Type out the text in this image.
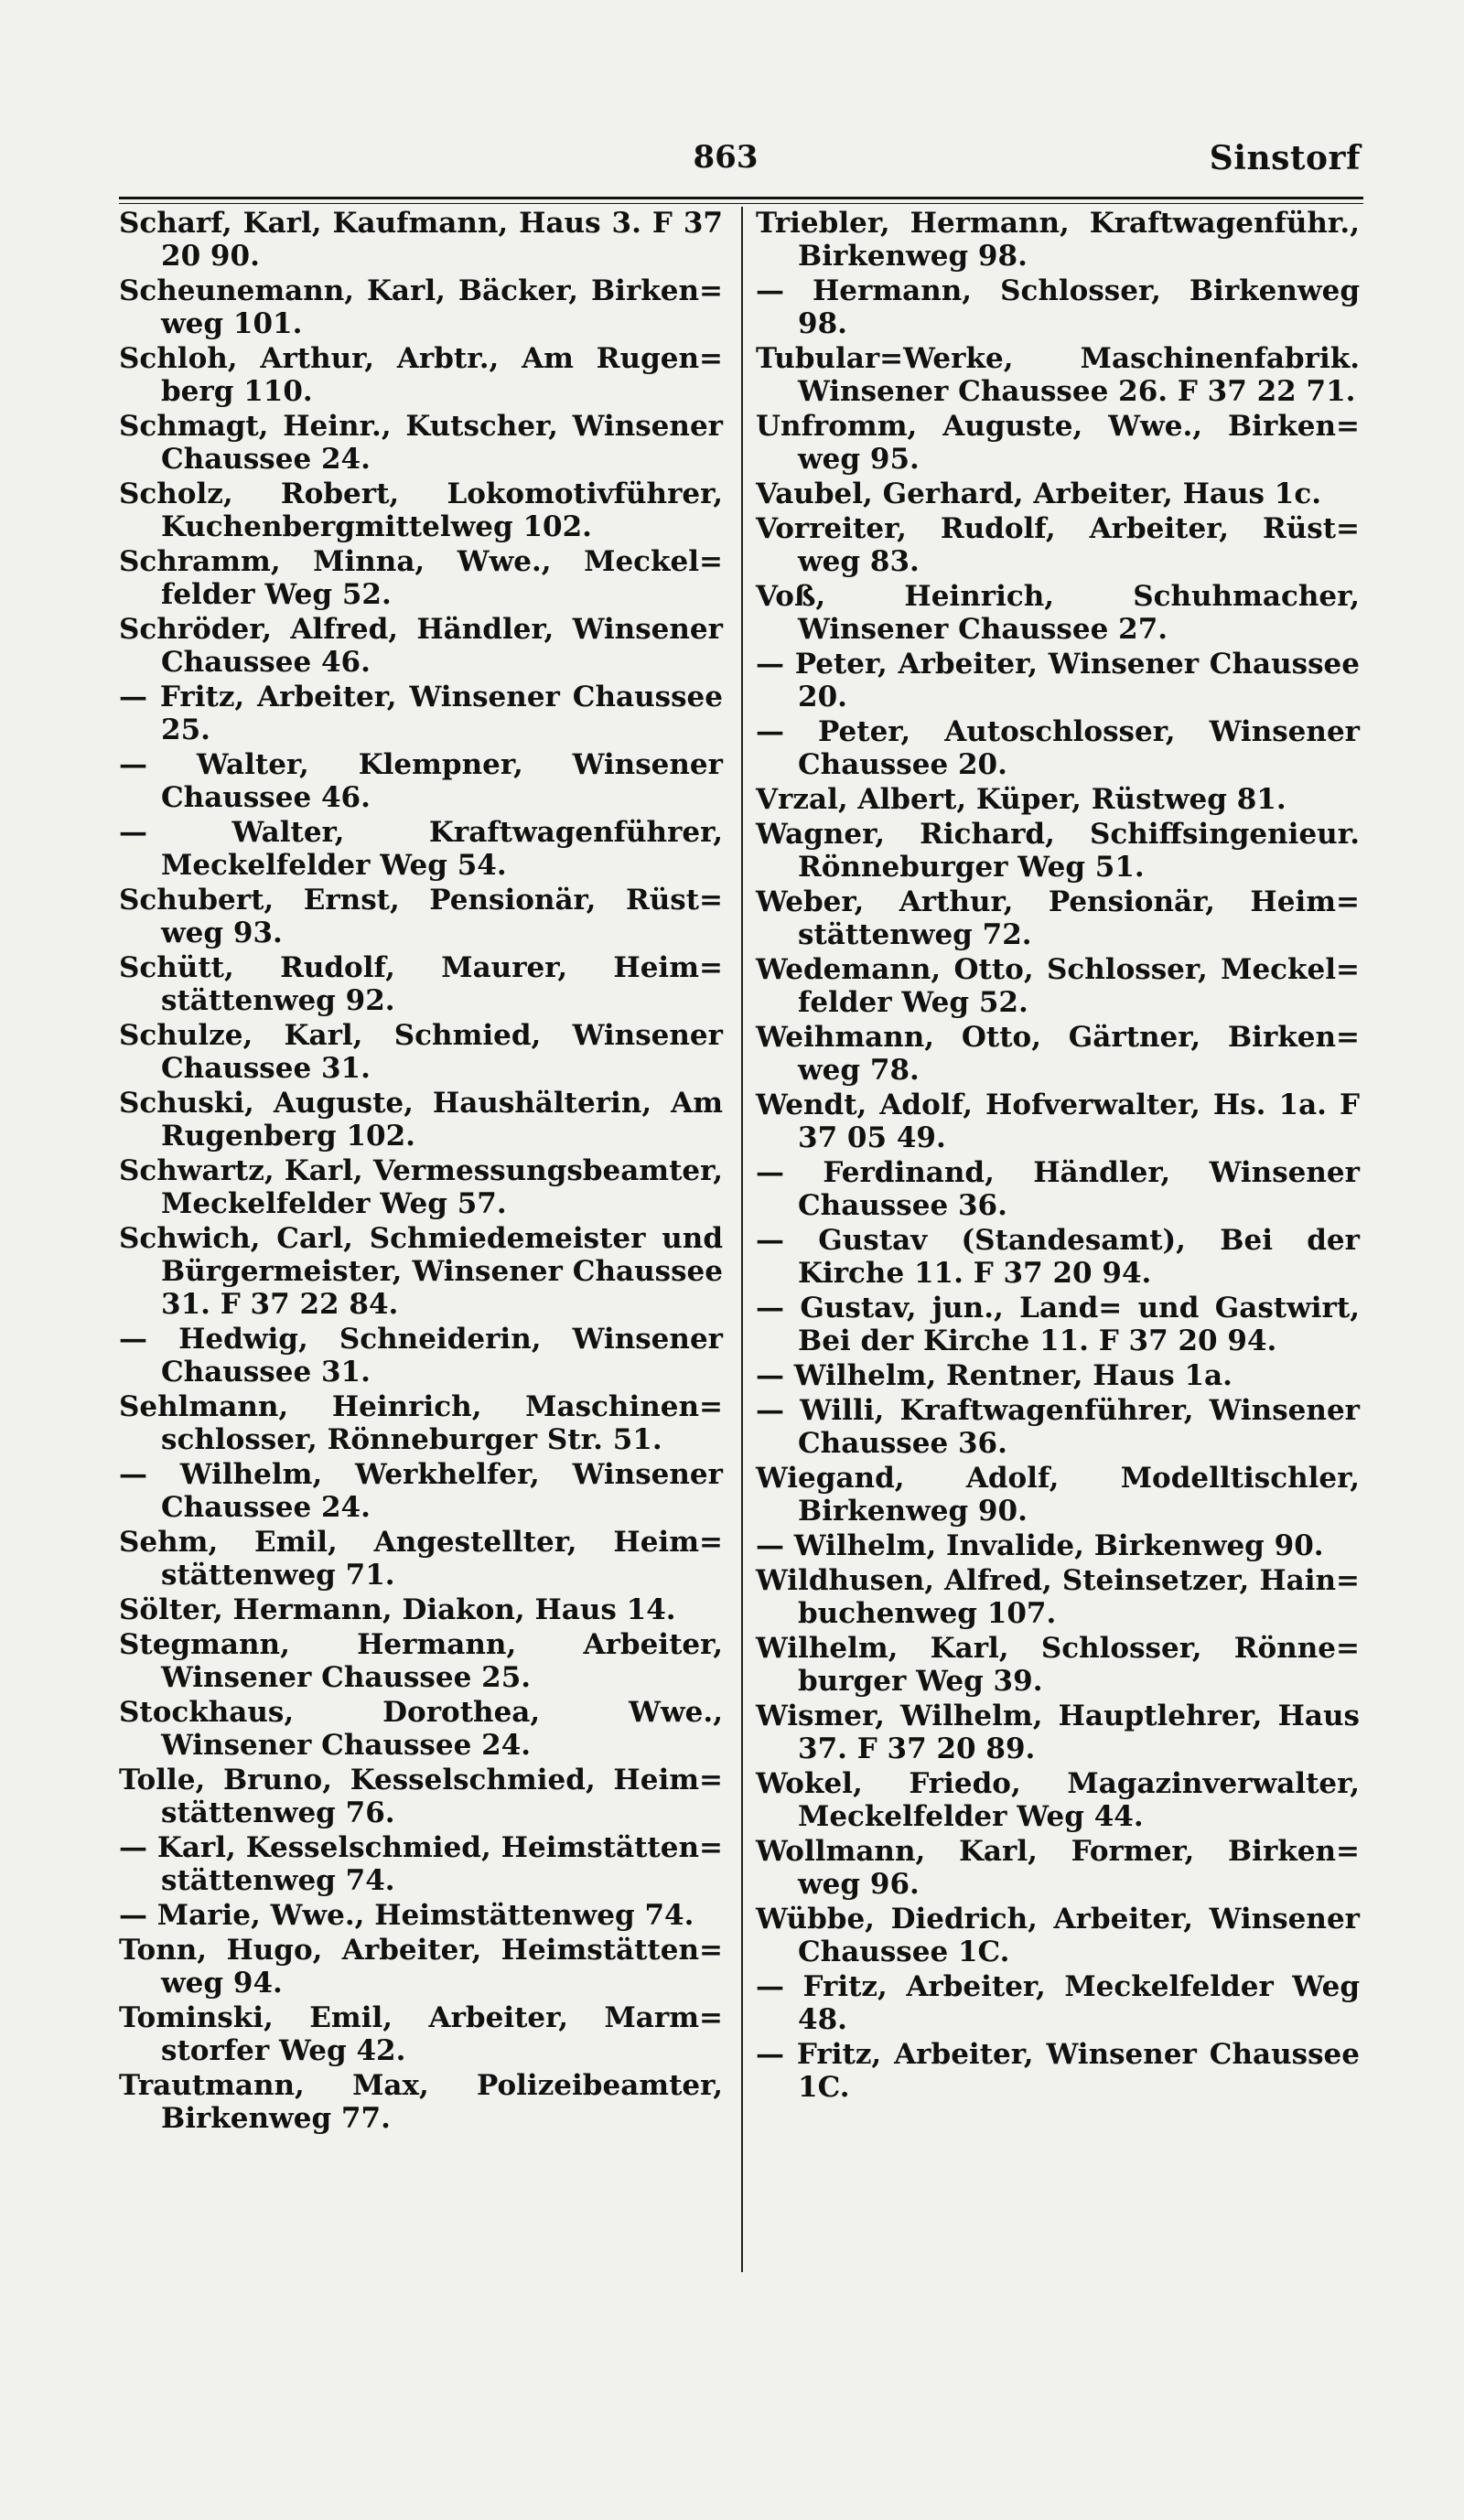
863	Sinstorf
Scharf, Karl, Kaufmann, Haus 3. F 37 20 90.
Scheunemann, Karl, Bäcker, Birken= weg 101.
Schloh, Arthur, Arbtr., Am Rugen= berg 110.
Schmagt, Heinr., Kutscher, Winsener Chaussee 24.
Scholz, Robert, Lokomotivführer, Kuchenbergmittelweg 102.
Schramm, Minna, Wwe., Meckel= felder Weg 52.
Schröder, Alfred, Händler, Winsener Chaussee 46.
— Fritz, Arbeiter, Winsener Chaussee 25.
— Walter, Klempner, Winsener Chaussee 46.
— Walter, Kraftwagenführer, Meckelfelder Weg 54.
Schubert, Ernst, Pensionär, Rüst= weg 93.
Schütt, Rudolf, Maurer, Heim= stättenweg 92.
Schulze, Karl, Schmied, Winsener Chaussee 31.
Schuski, Auguste, Haushälterin, Am Rugenberg 102.
Schwartz, Karl, Vermessungsbeamter, Meckelfelder Weg 57.
Schwich, Carl, Schmiedemeister und Bürgermeister, Winsener Chaussee 31. F 37 22 84.
— Hedwig, Schneiderin, Winsener Chaussee 31.
Sehlmann, Heinrich, Maschinen= schlosser, Rönneburger Str. 51.
— Wilhelm, Werkhelfer, Winsener Chaussee 24.
Sehm, Emil, Angestellter, Heim= stättenweg 71.
Sölter, Hermann, Diakon, Haus 14.
Stegmann, Hermann, Arbeiter, Winsener Chaussee 25.
Stockhaus, Dorothea, Wwe., Winsener Chaussee 24.
Tolle, Bruno, Kesselschmied, Heim= stättenweg 76.
— Karl, Kesselschmied, Heimstätten= stättenweg 74.
— Marie, Wwe., Heimstättenweg 74.
Tonn, Hugo, Arbeiter, Heimstätten= weg 94.
Tominski, Emil, Arbeiter, Marm= storfer Weg 42.
Trautmann, Max, Polizeibeamter, Birkenweg 77.
Triebler, Hermann, Kraftwagenführ., Birkenweg 98.
— Hermann, Schlosser, Birkenweg 98.
Tubular=Werke, Maschinenfabrik. Winsener Chaussee 26. F 37 22 71.
Unfromm, Auguste, Wwe., Birken= weg 95.
Vaubel, Gerhard, Arbeiter, Haus 1c.
Vorreiter, Rudolf, Arbeiter, Rüst= weg 83.
Voß, Heinrich, Schuhmacher, Winsener Chaussee 27.
— Peter, Arbeiter, Winsener Chaussee 20.
— Peter, Autoschlosser, Winsener Chaussee 20.
Vrzal, Albert, Küper, Rüstweg 81.
Wagner, Richard, Schiffsingenieur. Rönneburger Weg 51.
Weber, Arthur, Pensionär, Heim= stättenweg 72.
Wedemann, Otto, Schlosser, Meckel= felder Weg 52.
Weihmann, Otto, Gärtner, Birken= weg 78.
Wendt, Adolf, Hofverwalter, Hs. 1a. F 37 05 49.
— Ferdinand, Händler, Winsener Chaussee 36.
— Gustav (Standesamt), Bei der Kirche 11. F 37 20 94.
— Gustav, jun., Land= und Gastwirt, Bei der Kirche 11. F 37 20 94.
— Wilhelm, Rentner, Haus 1a.
— Willi, Kraftwagenführer, Winsener Chaussee 36.
Wiegand, Adolf, Modelltischler, Birkenweg 90.
— Wilhelm, Invalide, Birkenweg 90.
Wildhusen, Alfred, Steinsetzer, Hain= buchenweg 107.
Wilhelm, Karl, Schlosser, Rönne= burger Weg 39.
Wismer, Wilhelm, Hauptlehrer, Haus 37. F 37 20 89.
Wokel, Friedo, Magazinverwalter, Meckelfelder Weg 44.
Wollmann, Karl, Former, Birken= weg 96.
Wübbe, Diedrich, Arbeiter, Winsener Chaussee 1C.
— Fritz, Arbeiter, Meckelfelder Weg 48.
— Fritz, Arbeiter, Winsener Chaussee 1C.
